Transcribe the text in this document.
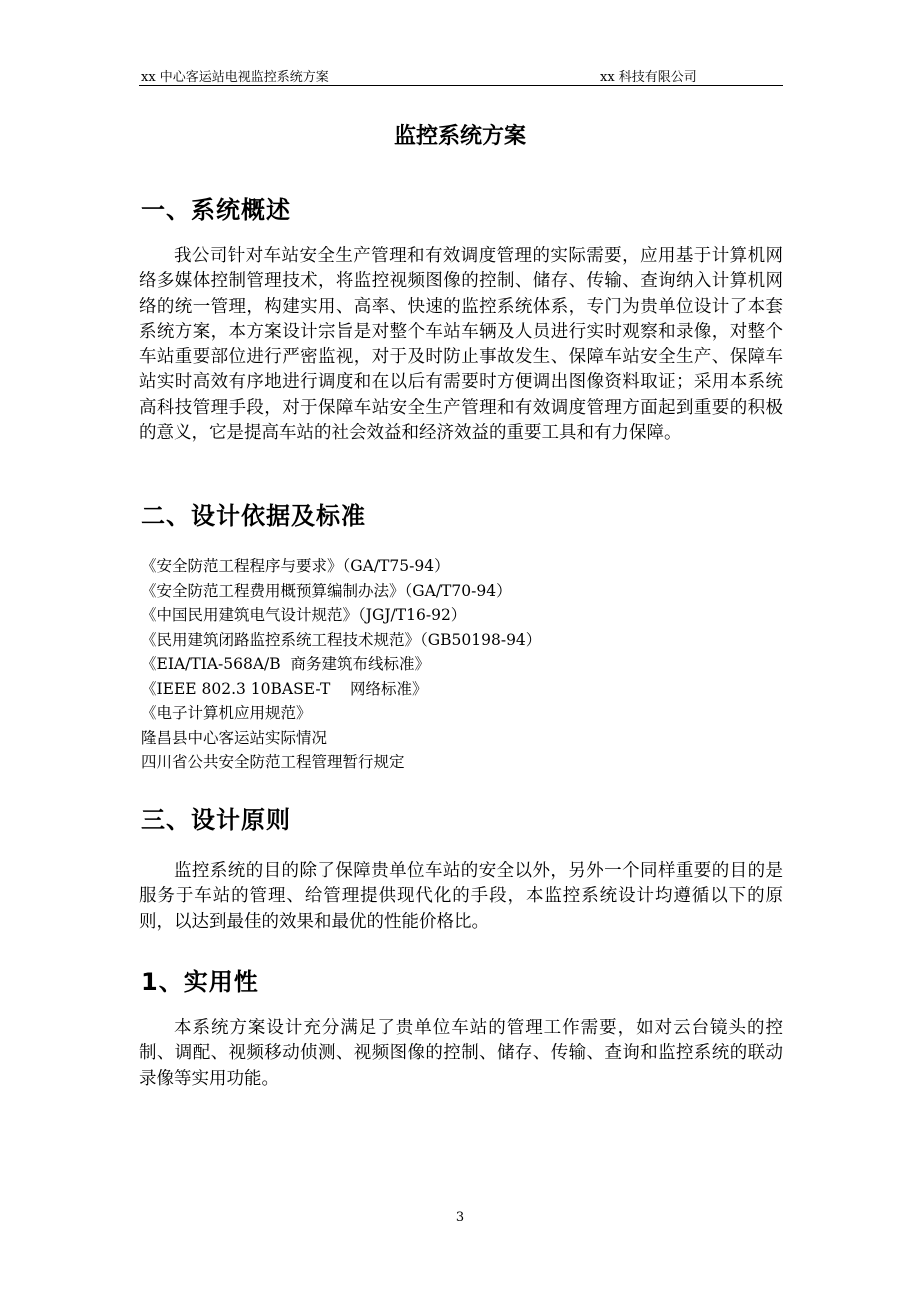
xx 中心客运站电视监控系统方案	xx 科技有限公司
监控系统方案
一、系统概述

我公司针对车站安全生产管理和有效调度管理的实际需要，应用基于计算机网络多媒体控制管理技术，将监控视频图像的控制、储存、传输、查询纳入计算机网络的统一管理，构建实用、高率、快速的监控系统体系，专门为贵单位设计了本套系统方案，本方案设计宗旨是对整个车站车辆及人员进行实时观察和录像，对整个车站重要部位进行严密监视，对于及时防止事故发生、保障车站安全生产、保障车站实时高效有序地进行调度和在以后有需要时方便调出图像资料取证；采用本系统高科技管理手段，对于保障车站安全生产管理和有效调度管理方面起到重要的积极的意义，它是提高车站的社会效益和经济效益的重要工具和有力保障。

二、设计依据及标准
《安全防范工程程序与要求》（GA/T75-94）
《安全防范工程费用概预算编制办法》（GA/T70-94）
《中国民用建筑电气设计规范》（JGJ/T16-92）
《民用建筑闭路监控系统工程技术规范》（GB50198-94）
《EIA/TIA-568A/B  商务建筑布线标准》
《IEEE 802.3 10BASE-T    网络标准》
《电子计算机应用规范》
隆昌县中心客运站实际情况
四川省公共安全防范工程管理暂行规定
三、设计原则

监控系统的目的除了保障贵单位车站的安全以外，另外一个同样重要的目的是服务于车站的管理、给管理提供现代化的手段，本监控系统设计均遵循以下的原则，以达到最佳的效果和最优的性能价格比。

1、实用性

本系统方案设计充分满足了贵单位车站的管理工作需要，如对云台镜头的控制、调配、视频移动侦测、视频图像的控制、储存、传输、查询和监控系统的联动录像等实用功能。

3
